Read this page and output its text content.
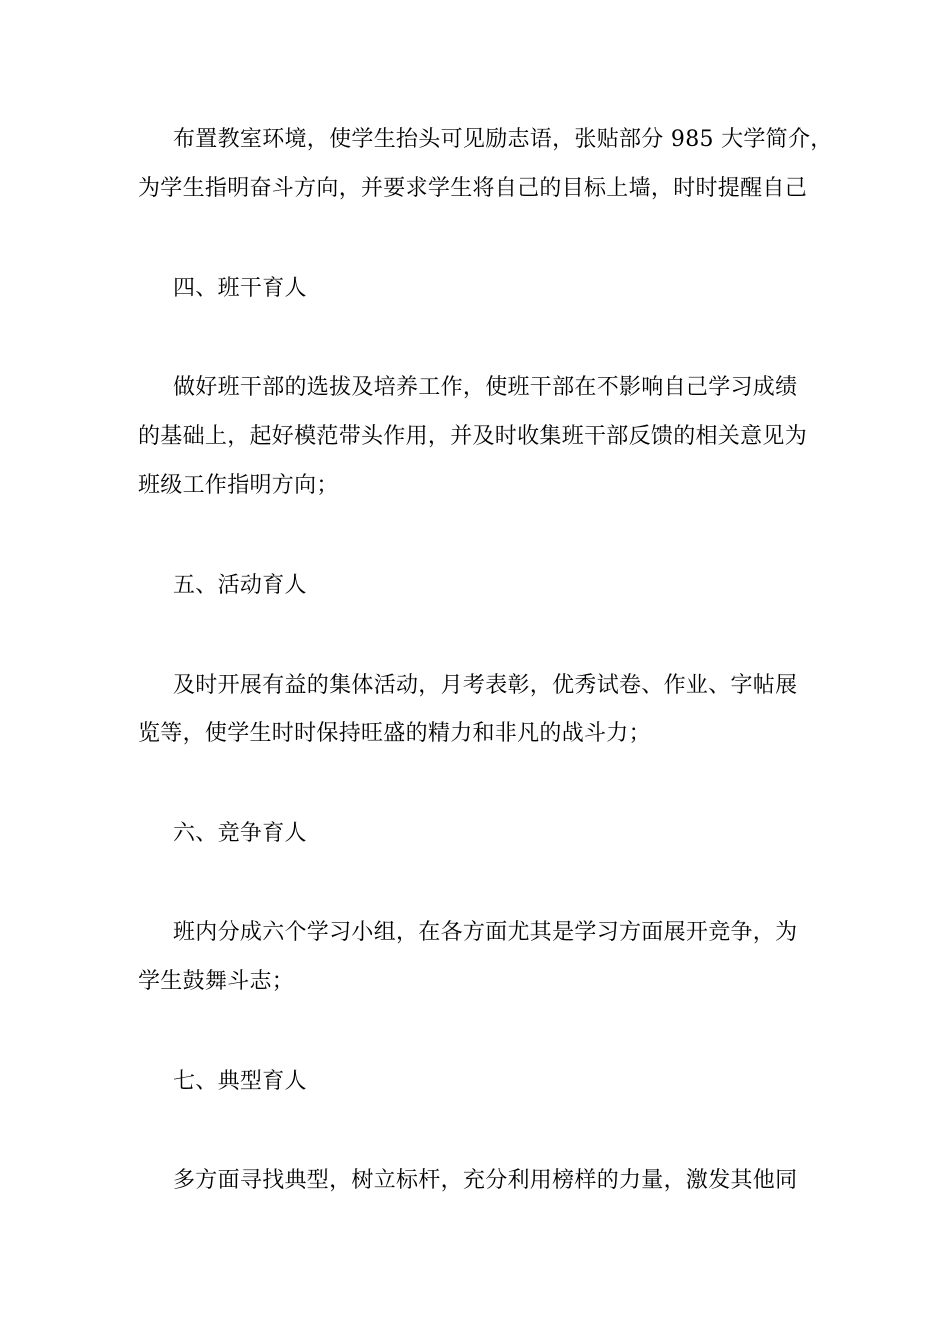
布置教室环境，使学生抬头可见励志语，张贴部分 985 大学简介，
为学生指明奋斗方向，并要求学生将自己的目标上墙，时时提醒自己
四、班干育人
做好班干部的选拔及培养工作，使班干部在不影响自己学习成绩
的基础上，起好模范带头作用，并及时收集班干部反馈的相关意见为
班级工作指明方向；
五、活动育人
及时开展有益的集体活动，月考表彰，优秀试卷、作业、字帖展
览等，使学生时时保持旺盛的精力和非凡的战斗力；
六、竞争育人
班内分成六个学习小组，在各方面尤其是学习方面展开竞争，为
学生鼓舞斗志；
七、典型育人
多方面寻找典型，树立标杆，充分利用榜样的力量，激发其他同
